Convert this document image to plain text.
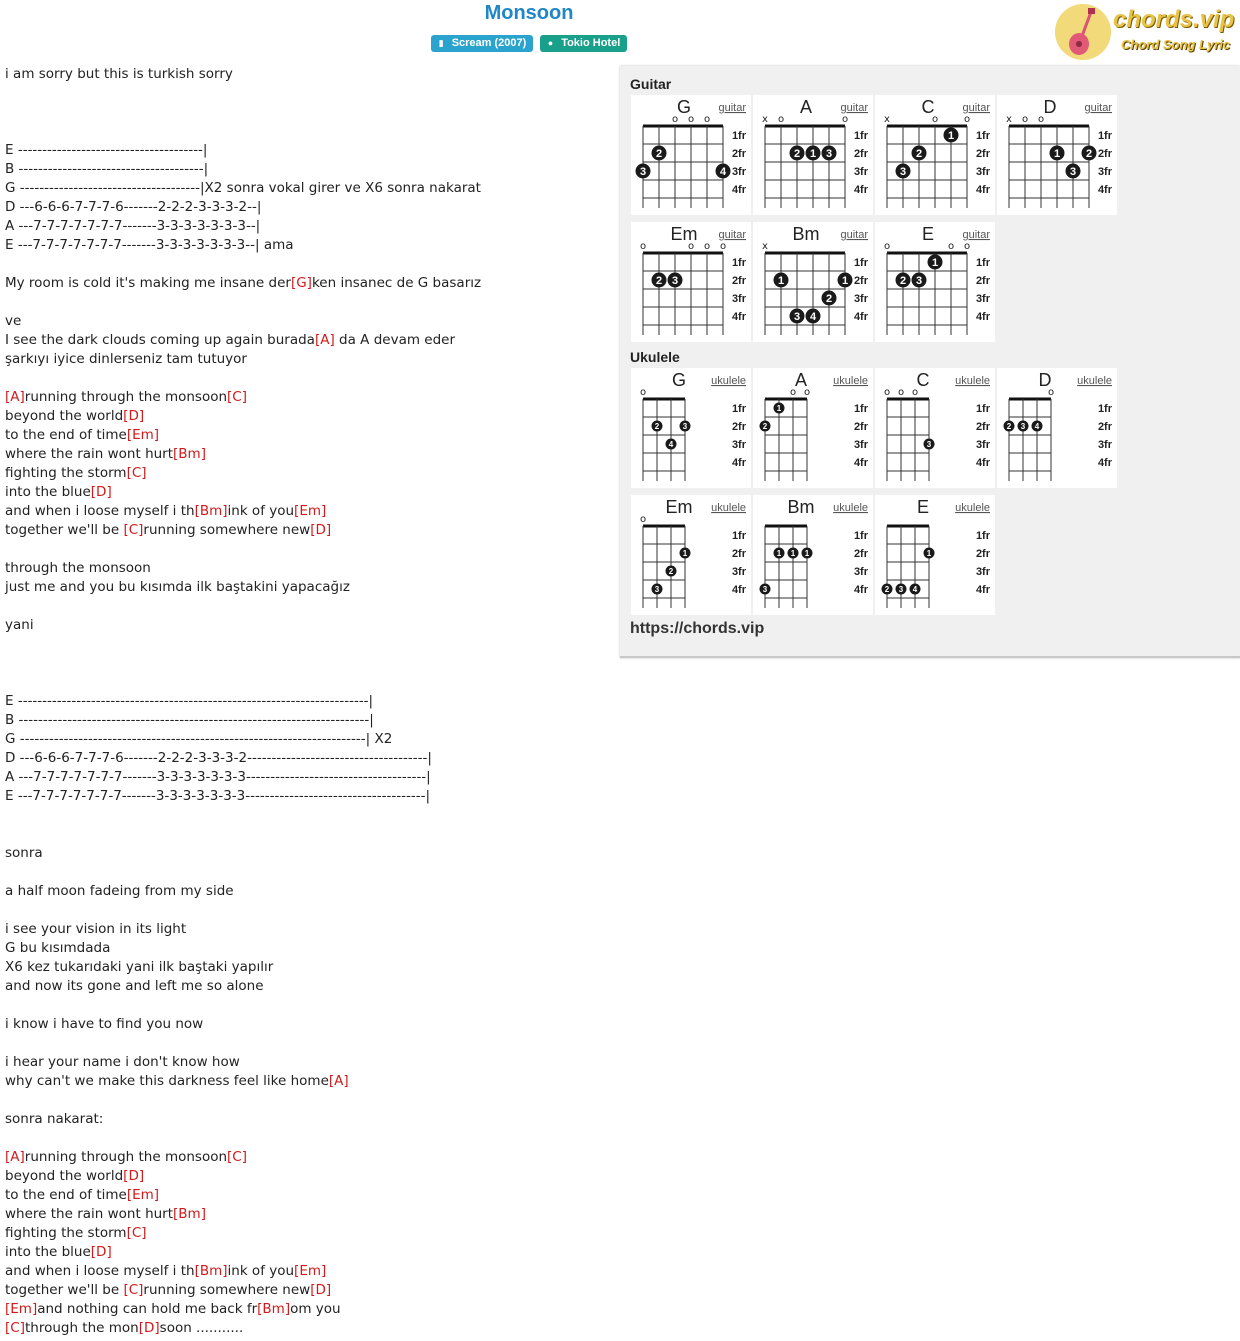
Monsoon
▮ Scream (2007) ● Tokio Hotel
chords.vip
Chord Song Lyric
i am sorry but this is turkish sorry
E --------------------------------------|
B --------------------------------------|
G -------------------------------------|X2 sonra vokal girer ve X6 sonra nakarat
D ---6-6-6-7-7-7-6-------2-2-2-3-3-3-2--|
A ---7-7-7-7-7-7-7-------3-3-3-3-3-3-3--|
E ---7-7-7-7-7-7-7-------3-3-3-3-3-3-3--| ama
My room is cold it's making me insane der[G]ken insanec de G basarız
ve
I see the dark clouds coming up again burada[A] da A devam eder
şarkıyı iyice dinlerseniz tam tutuyor
[A]running through the monsoon[C]
beyond the world[D]
to the end of time[Em]
where the rain wont hurt[Bm]
fighting the storm[C]
into the blue[D]
and when i loose myself i th[Bm]ink of you[Em]
together we'll be [C]running somewhere new[D]
through the monsoon
just me and you bu kısımda ilk baştakini yapacağız
yani
E ------------------------------------------------------------------------|
B ------------------------------------------------------------------------|
G -----------------------------------------------------------------------| X2
D ---6-6-6-7-7-7-6-------2-2-2-3-3-3-2-------------------------------------|
A ---7-7-7-7-7-7-7-------3-3-3-3-3-3-3-------------------------------------|
E ---7-7-7-7-7-7-7-------3-3-3-3-3-3-3-------------------------------------|
sonra
a half moon fadeing from my side
i see your vision in its light
G bu kısımdada
X6 kez tukarıdaki yani ilk baştaki yapılır
and now its gone and left me so alone
i know i have to find you now
i hear your name i don't know how
why can't we make this darkness feel like home[A]
sonra nakarat:
[A]running through the monsoon[C]
beyond the world[D]
to the end of time[Em]
where the rain wont hurt[Bm]
fighting the storm[C]
into the blue[D]
and when i loose myself i th[Bm]ink of you[Em]
together we'll be [C]running somewhere new[D]
[Em]and nothing can hold me back fr[Bm]om you
[C]through the mon[D]soon ...........
Guitar
Ukulele
https://chords.vip
G guitar
o o o
1fr
2fr
3fr
4fr
2
3	4
A	guitar
x o	o
1fr
2fr
3fr
4fr
2 1 3
C	guitar
x	o	o
1fr
2fr
3fr
4fr
1
2
3
D	guitar
x o o
1fr
2fr
3fr
4fr
1 2
3
Em guitar
o	o o o
1fr
2fr
3fr
4fr
2 3
Bm guitar
x
1fr
2fr
3fr
4fr
1	1
2
3 4
E	guitar
o	o o
1fr
2fr
3fr
4fr
1
2 3
G ukulele
o
1fr
2fr
3fr
4fr
2	3
4
A ukulele
o o
1fr
2fr
3fr
4fr
2
1
C ukulele
o o o
1fr
2fr
3fr
4fr
3
D ukulele
o
1fr
2fr
3fr
4fr
2 3 4
Em ukulele
o
1fr
2fr
3fr
4fr
1
2
3
Bm ukulele
1fr
2fr
3fr
4fr
1 1 1
3
E ukulele
1fr
2fr
3fr
4fr
1
2 3 4
